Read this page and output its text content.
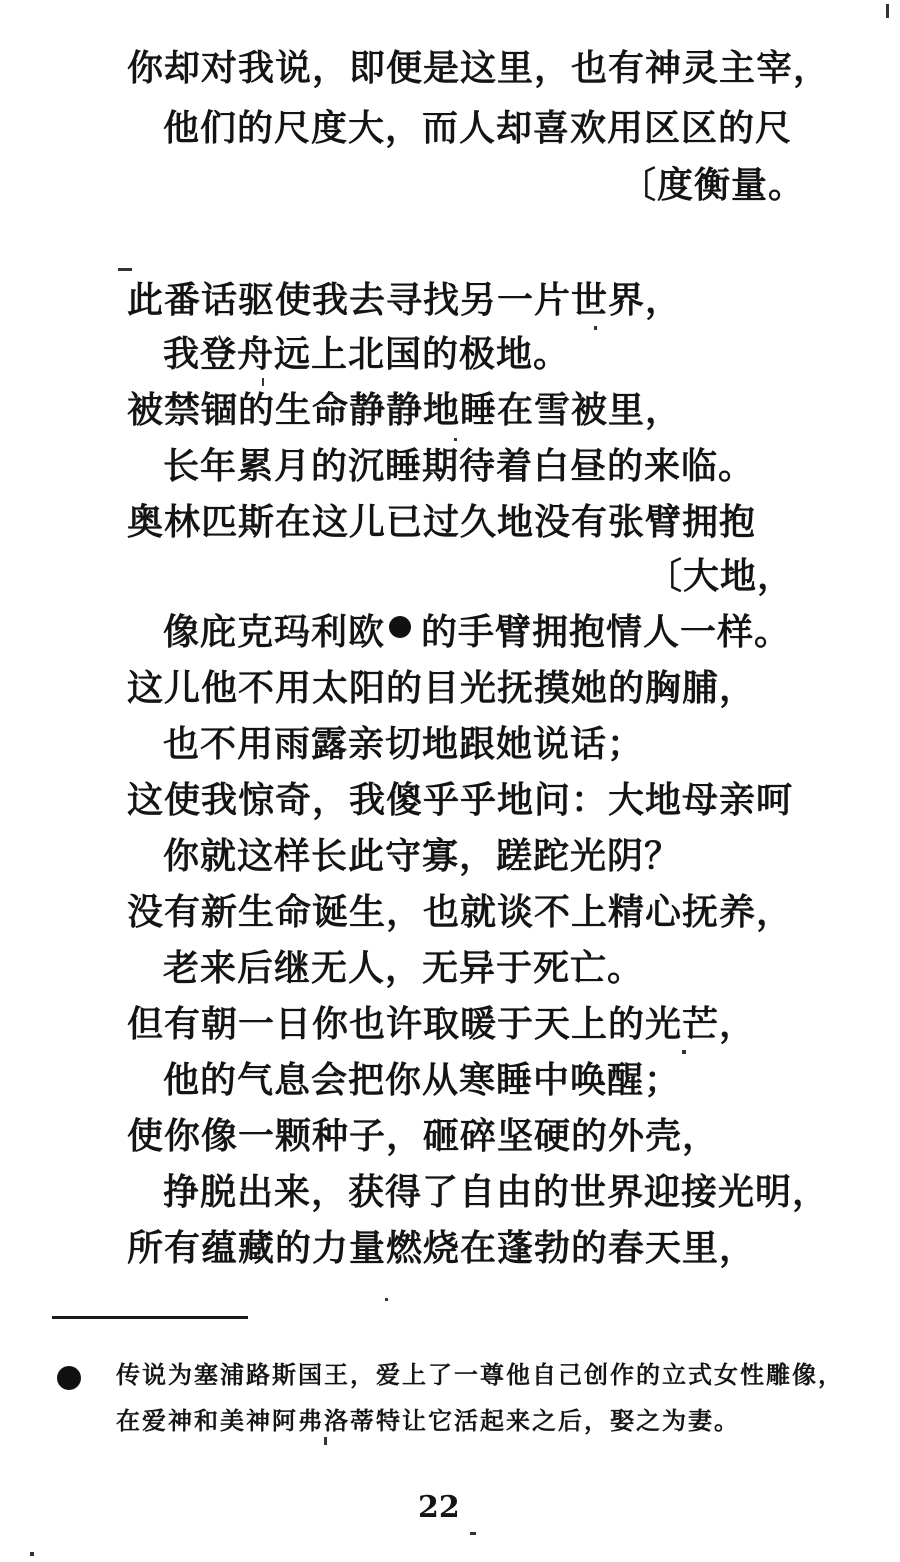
你却对我说，即便是这里，也有神灵主宰，
他们的尺度大，而人却喜欢用区区的尺
〔度衡量。
此番话驱使我去寻找另一片世界，
我登舟远上北国的极地。
被禁锢的生命静静地睡在雪被里，
长年累月的沉睡期待着白昼的来临。
奥林匹斯在这儿已过久地没有张臂拥抱
〔大地，
像庇克玛利欧 的手臂拥抱情人一样。
这儿他不用太阳的目光抚摸她的胸脯，
也不用雨露亲切地跟她说话；
这使我惊奇，我傻乎乎地问：大地母亲呵
你就这样长此守寡，蹉跎光阴？
没有新生命诞生，也就谈不上精心抚养，
老来后继无人，无异于死亡。
但有朝一日你也许取暖于天上的光芒，
他的气息会把你从寒睡中唤醒；
使你像一颗种子，砸碎坚硬的外壳，
挣脱出来，获得了自由的世界迎接光明，
所有蕴藏的力量燃烧在蓬勃的春天里，
传说为塞浦路斯国王，爱上了一尊他自己创作的立式女性雕像，在爱神和美神阿弗洛蒂特让它活起来之后，娶之为妻。
22
